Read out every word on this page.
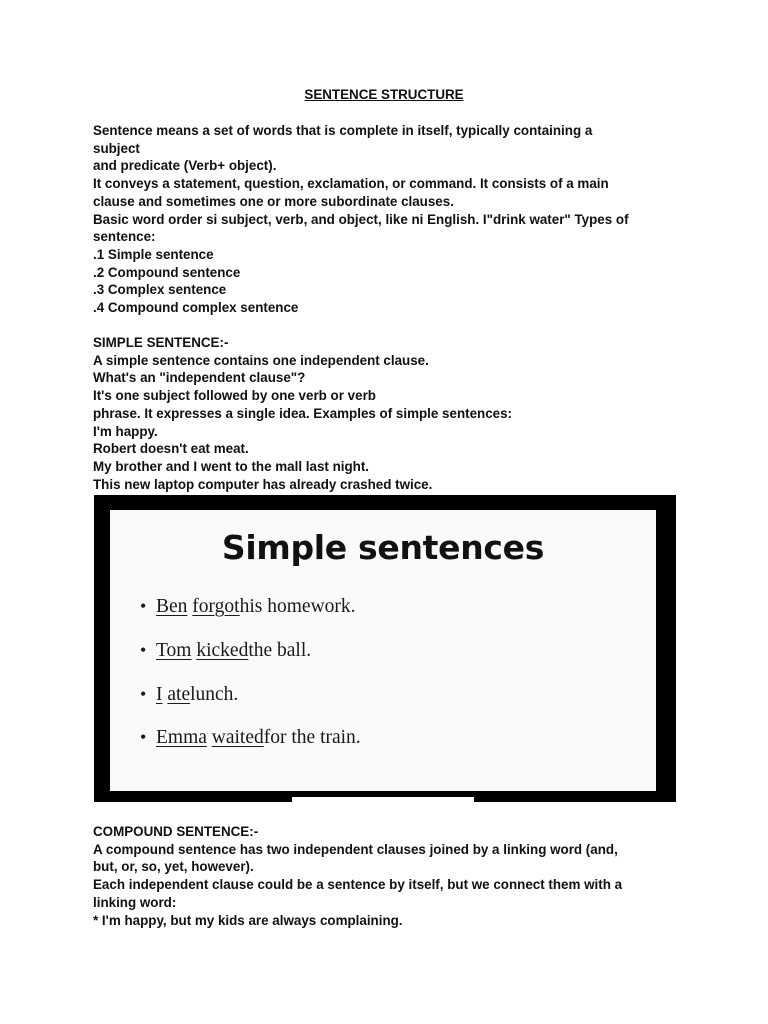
SENTENCE STRUCTURE
Sentence means a set of words that is complete in itself, typically containing a
subject
and predicate (Verb+ object).
It conveys a statement, question, exclamation, or command. It consists of a main
clause and sometimes one or more subordinate clauses.
Basic word order si subject, verb, and object, like ni English. I"drink water" Types of
sentence:
.1 Simple sentence
.2 Compound sentence
.3 Complex sentence
.4 Compound complex sentence
SIMPLE SENTENCE:-
A simple sentence contains one independent clause.
What's an "independent clause"?
It's one subject followed by one verb or verb
phrase. It expresses a single idea. Examples of simple sentences:
I'm happy.
Robert doesn't eat meat.
My brother and I went to the mall last night.
This new laptop computer has already crashed twice.
Simple sentences
• Ben
forgot his homework.
• Tom
kicked the ball.
• I
ate lunch.
• Emma
waited for the train.
COMPOUND SENTENCE:-
A compound sentence has two independent clauses joined by a linking word (and,
but, or, so, yet, however).
Each independent clause could be a sentence by itself, but we connect them with a
linking word:
* I'm happy, but my kids are always complaining.
